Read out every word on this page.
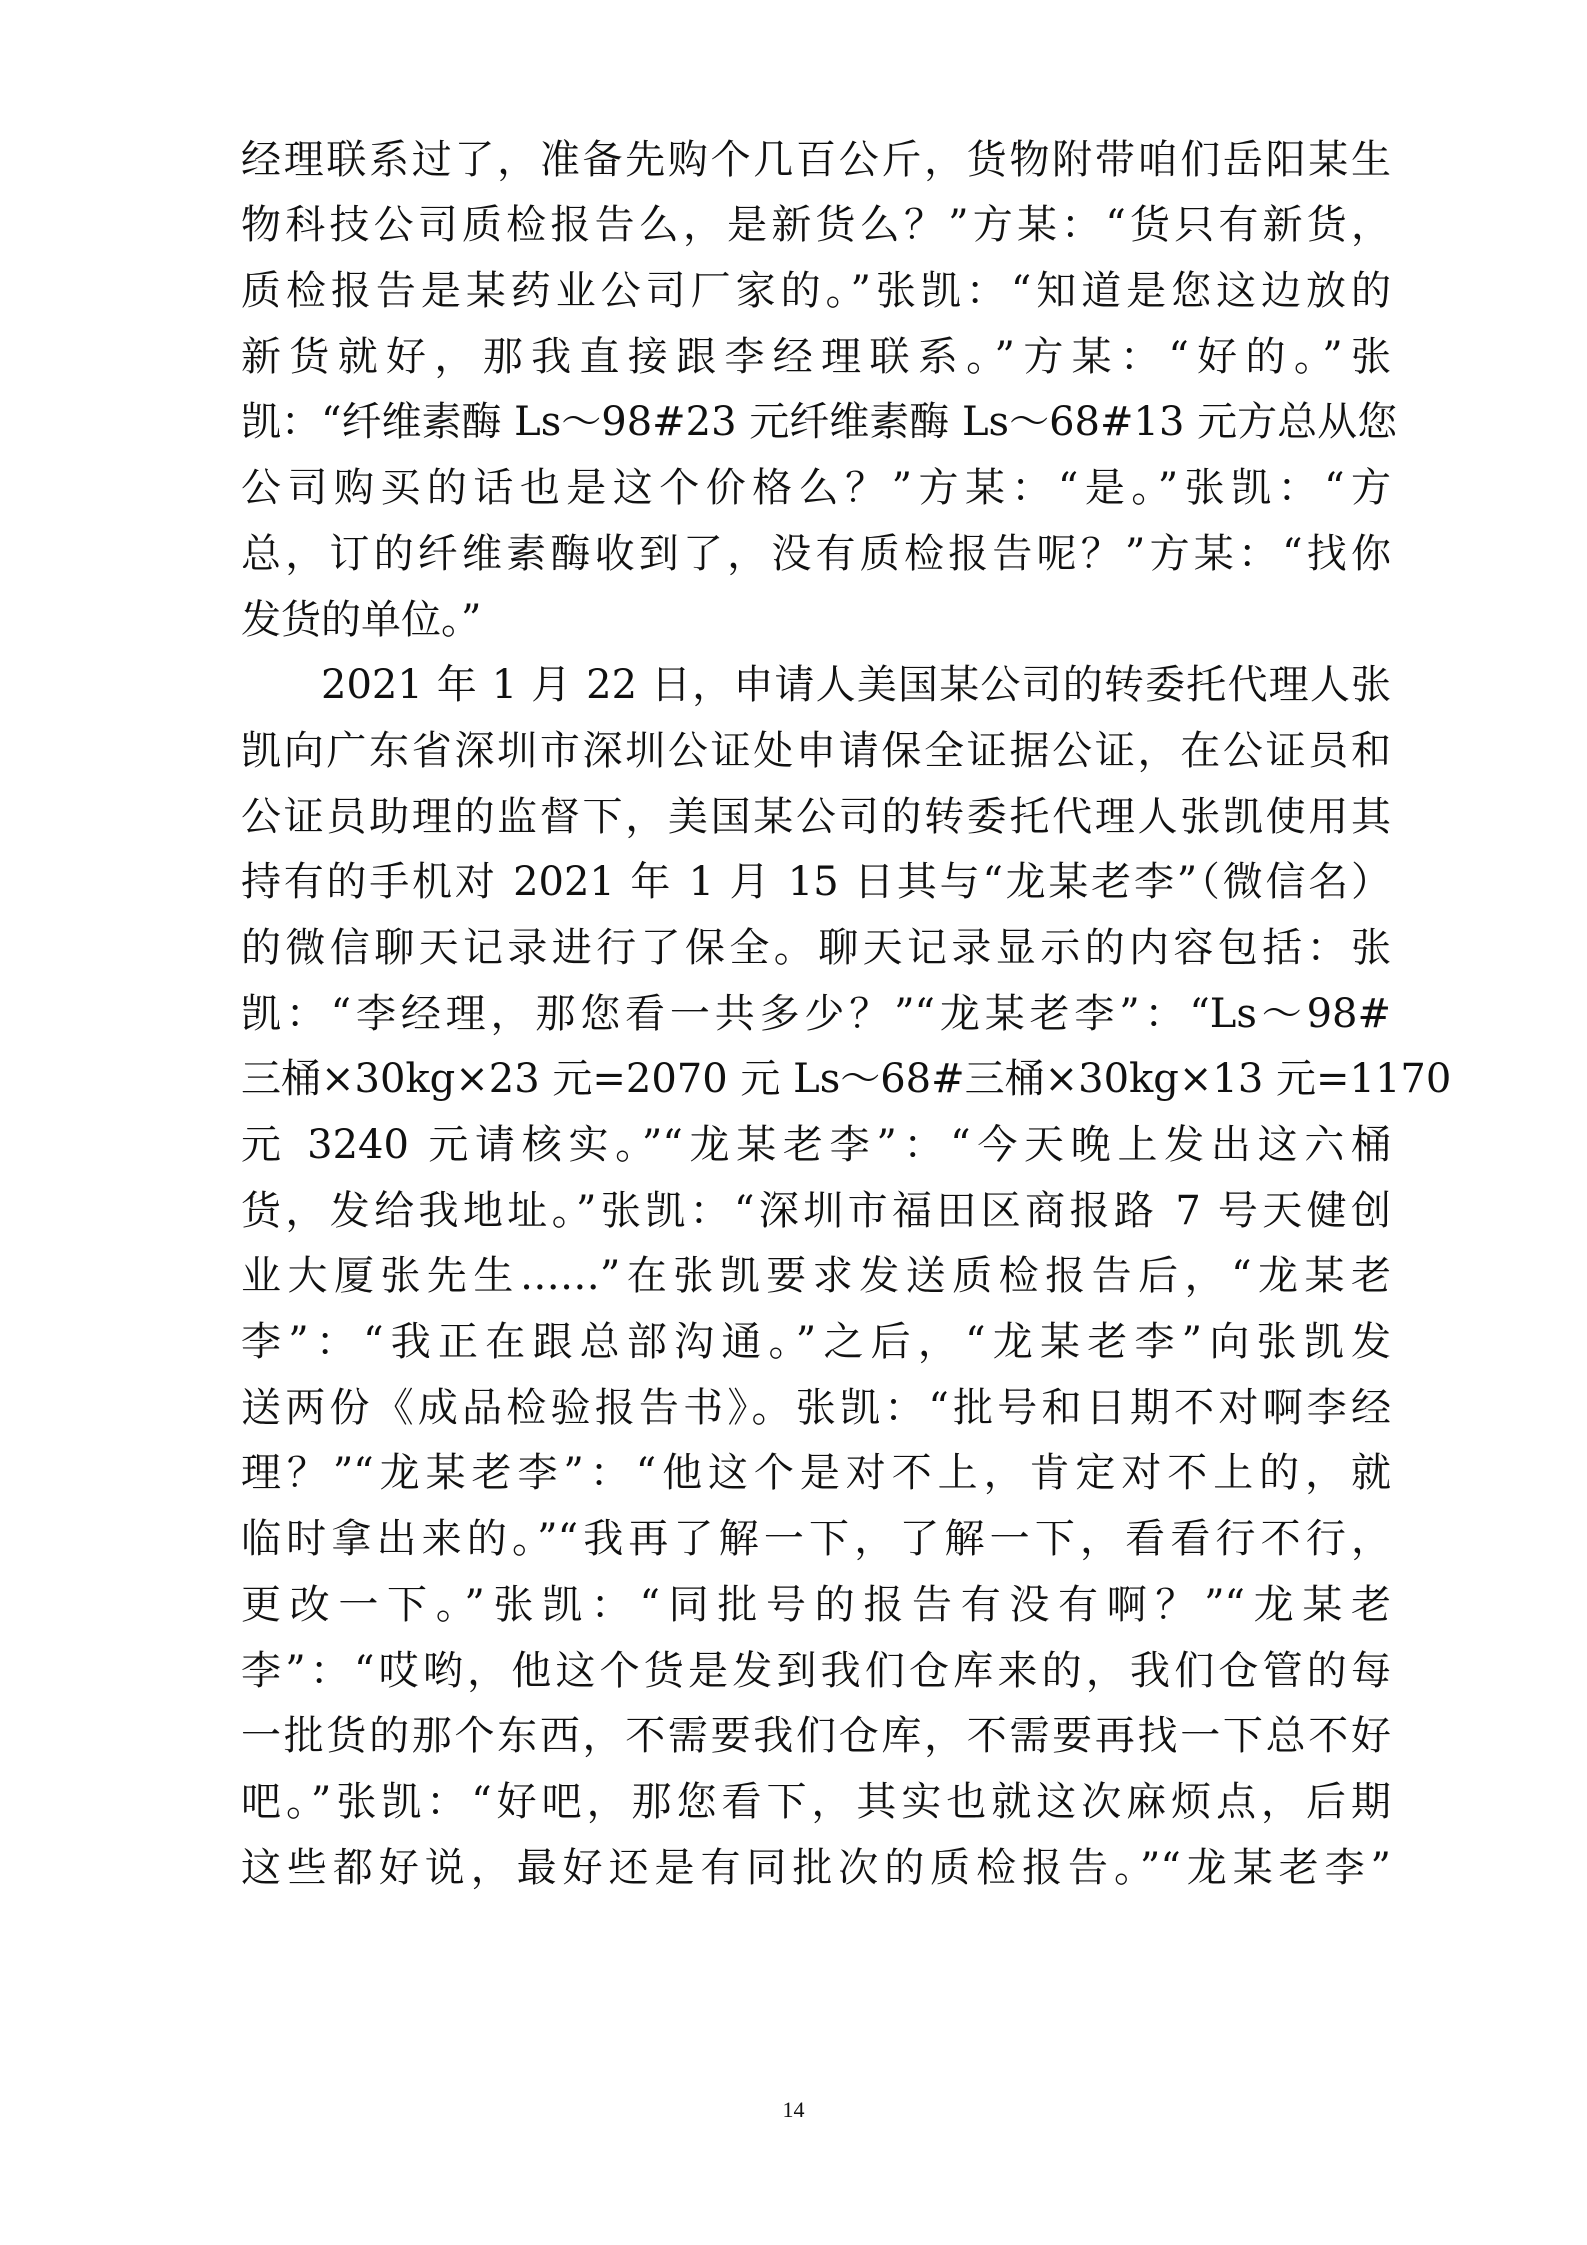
经理联系过了，准备先购个几百公斤，货物附带咱们岳阳某生
物科技公司质检报告么，是新货么？”方某：“货只有新货，
质检报告是某药业公司厂家的。”张凯：“知道是您这边放的
新货就好，那我直接跟李经理联系。”方某：“好的。”张
凯：“纤维素酶 Ls～98#23 元纤维素酶 Ls～68#13 元方总从您
公司购买的话也是这个价格么？”方某：“是。”张凯：“方
总，订的纤维素酶收到了，没有质检报告呢？”方某：“找你
发货的单位。”
2021 年 1 月 22 日，申请人美国某公司的转委托代理人张
凯向广东省深圳市深圳公证处申请保全证据公证，在公证员和
公证员助理的监督下，美国某公司的转委托代理人张凯使用其
持有的手机对 2021 年 1 月 15 日其与“龙某老李”（微信名）
的微信聊天记录进行了保全。聊天记录显示的内容包括：张
凯：“李经理，那您看一共多少？”“龙某老李”：“Ls～98#
三桶×30kg×23 元=2070 元 Ls～68#三桶×30kg×13 元=1170
元 3240 元请核实。”“龙某老李”：“今天晚上发出这六桶
货，发给我地址。”张凯：“深圳市福田区商报路 7 号天健创
业大厦张先生……”在张凯要求发送质检报告后，“龙某老
李”：“我正在跟总部沟通。”之后，“龙某老李”向张凯发
送两份《成品检验报告书》。张凯：“批号和日期不对啊李经
理？”“龙某老李”：“他这个是对不上，肯定对不上的，就
临时拿出来的。”“我再了解一下，了解一下，看看行不行，
更改一下。”张凯：“同批号的报告有没有啊？”“龙某老
李”：“哎哟，他这个货是发到我们仓库来的，我们仓管的每
一批货的那个东西，不需要我们仓库，不需要再找一下总不好
吧。”张凯：“好吧，那您看下，其实也就这次麻烦点，后期
这些都好说，最好还是有同批次的质检报告。”“龙某老李”
14
